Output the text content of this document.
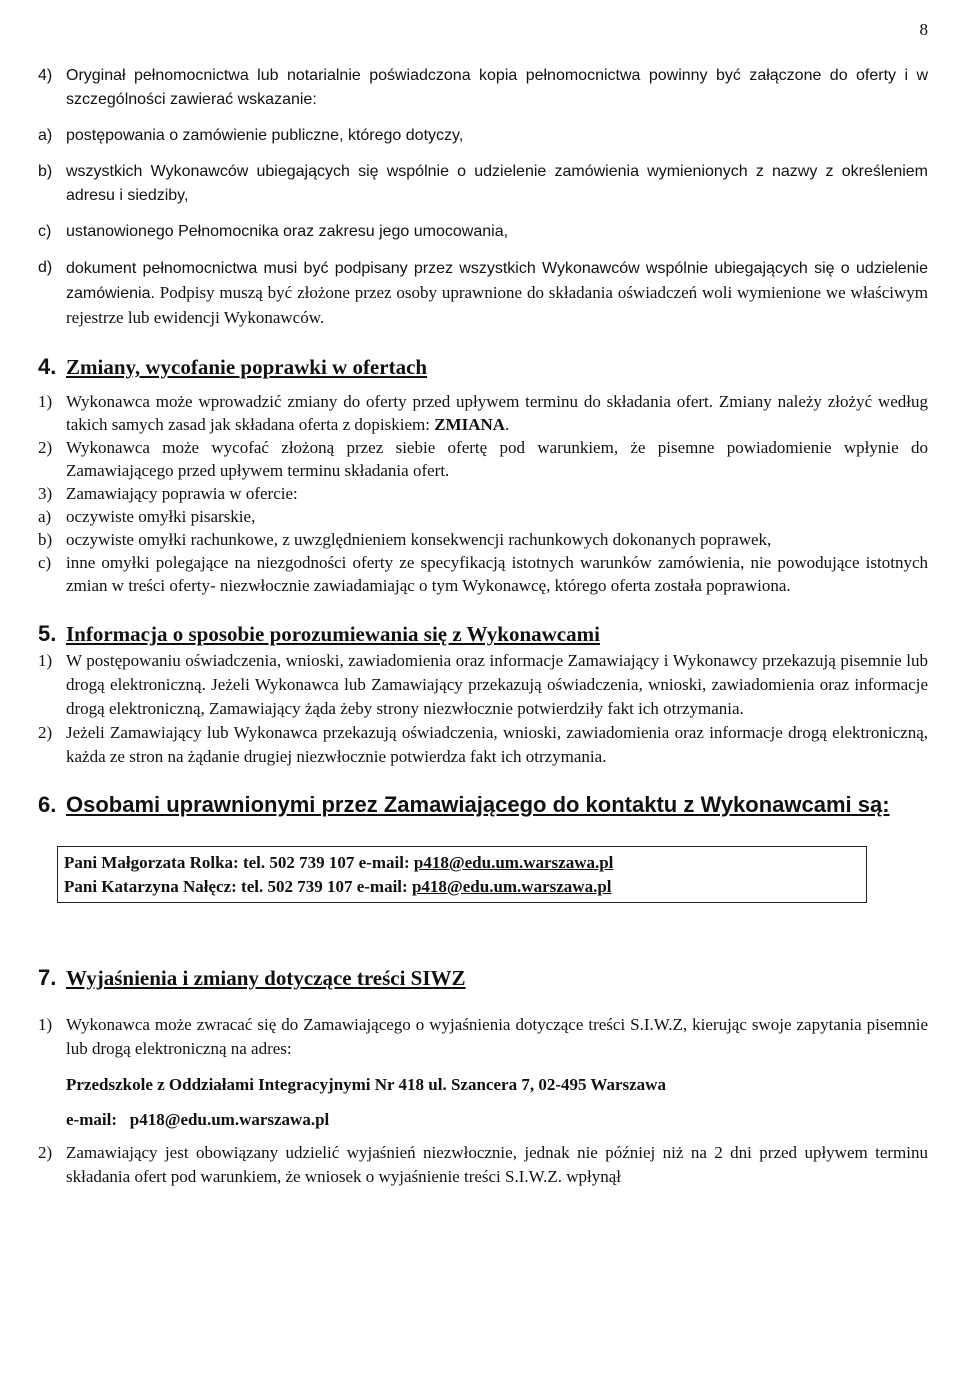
8
4) Oryginał pełnomocnictwa lub notarialnie poświadczona kopia pełnomocnictwa powinny być załączone do oferty i w szczególności zawierać wskazanie:
a) postępowania o zamówienie publiczne, którego dotyczy,
b) wszystkich Wykonawców ubiegających się wspólnie o udzielenie zamówienia wymienionych z nazwy z określeniem adresu i siedziby,
c) ustanowionego Pełnomocnika oraz zakresu jego umocowania,
d) dokument pełnomocnictwa musi być podpisany przez wszystkich Wykonawców wspólnie ubiegających się o udzielenie zamówienia. Podpisy muszą być złożone przez osoby uprawnione do składania oświadczeń woli wymienione we właściwym rejestrze lub ewidencji Wykonawców.
4. Zmiany, wycofanie poprawki w ofertach
1) Wykonawca może wprowadzić zmiany do oferty przed upływem terminu do składania ofert. Zmiany należy złożyć według takich samych zasad jak składana oferta z dopiskiem: ZMIANA.
2) Wykonawca może wycofać złożoną przez siebie ofertę pod warunkiem, że pisemne powiadomienie wpłynie do Zamawiającego przed upływem terminu składania ofert.
3) Zamawiający poprawia w ofercie:
a) oczywiste omyłki pisarskie,
b) oczywiste omyłki rachunkowe, z uwzględnieniem konsekwencji rachunkowych dokonanych poprawek,
c) inne omyłki polegające na niezgodności oferty ze specyfikacją istotnych warunków zamówienia, nie powodujące istotnych zmian w treści oferty- niezwłocznie zawiadamiając o tym Wykonawcę, którego oferta została poprawiona.
5. Informacja o sposobie porozumiewania się z Wykonawcami
1) W postępowaniu oświadczenia, wnioski, zawiadomienia oraz informacje Zamawiający i Wykonawcy przekazują pisemnie lub drogą elektroniczną. Jeżeli Wykonawca lub Zamawiający przekazują oświadczenia, wnioski, zawiadomienia oraz informacje drogą elektroniczną, Zamawiający żąda żeby strony niezwłocznie potwierdziły fakt ich otrzymania.
2) Jeżeli Zamawiający lub Wykonawca przekazują oświadczenia, wnioski, zawiadomienia oraz informacje drogą elektroniczną, każda ze stron na żądanie drugiej niezwłocznie potwierdza fakt ich otrzymania.
6. Osobami uprawnionymi przez Zamawiającego do kontaktu z Wykonawcami są:
Pani Małgorzata Rolka: tel. 502 739 107 e-mail: p418@edu.um.warszawa.pl
Pani Katarzyna Nałęcz: tel. 502 739 107 e-mail: p418@edu.um.warszawa.pl
7. Wyjaśnienia i zmiany dotyczące treści SIWZ
1) Wykonawca może zwracać się do Zamawiającego o wyjaśnienia dotyczące treści S.I.W.Z, kierując swoje zapytania pisemnie lub drogą elektroniczną na adres:
Przedszkole z Oddziałami Integracyjnymi Nr 418 ul. Szancera 7, 02-495 Warszawa
e-mail: p418@edu.um.warszawa.pl
2) Zamawiający jest obowiązany udzielić wyjaśnień niezwłocznie, jednak nie później niż na 2 dni przed upływem terminu składania ofert pod warunkiem, że wniosek o wyjaśnienie treści S.I.W.Z. wpłynął
